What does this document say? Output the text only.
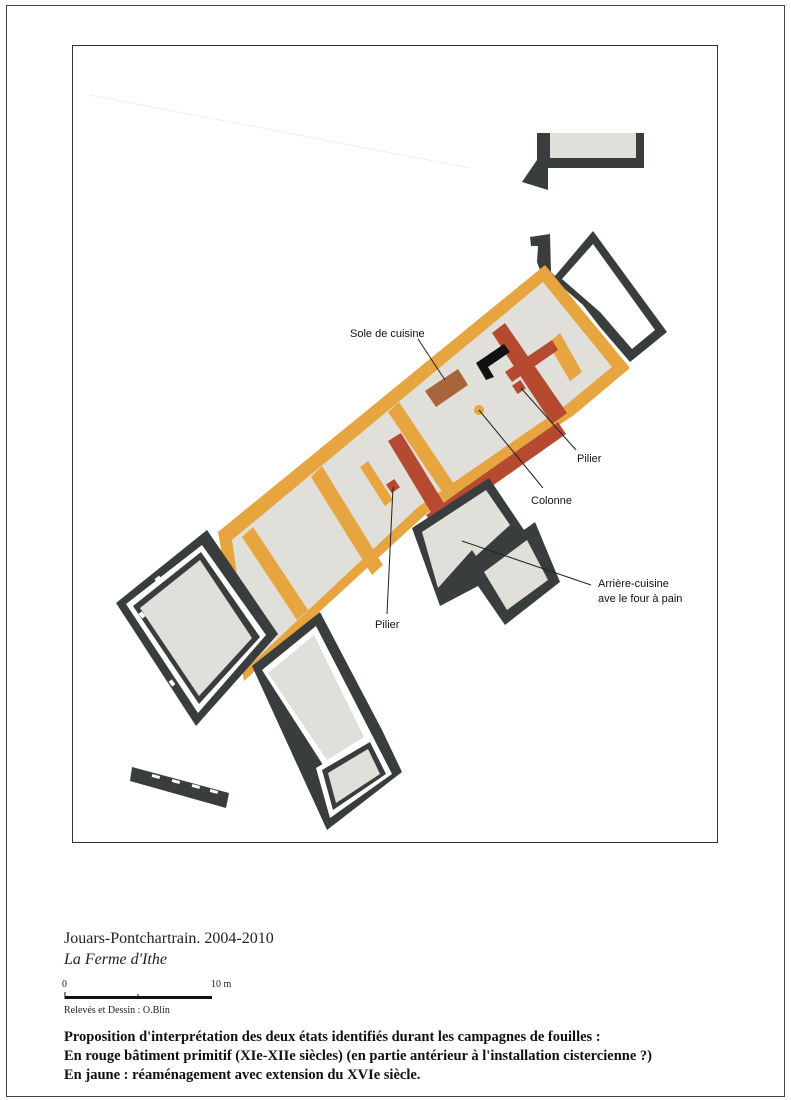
Sole de cuisine
Pilier
Colonne
Arrière-cuisine
ave le four à pain
Pilier
Jouars-Pontchartrain. 2004-2010
La Ferme d'Ithe
0	10 m
Relevés et Dessin : O.Blin
Proposition d'interprétation des deux états identifiés durant les campagnes de fouilles :
En rouge bâtiment primitif (XIe-XIIe siècles) (en partie antérieur à l'installation cistercienne ?)
En jaune : réaménagement avec extension du XVIe siècle.
